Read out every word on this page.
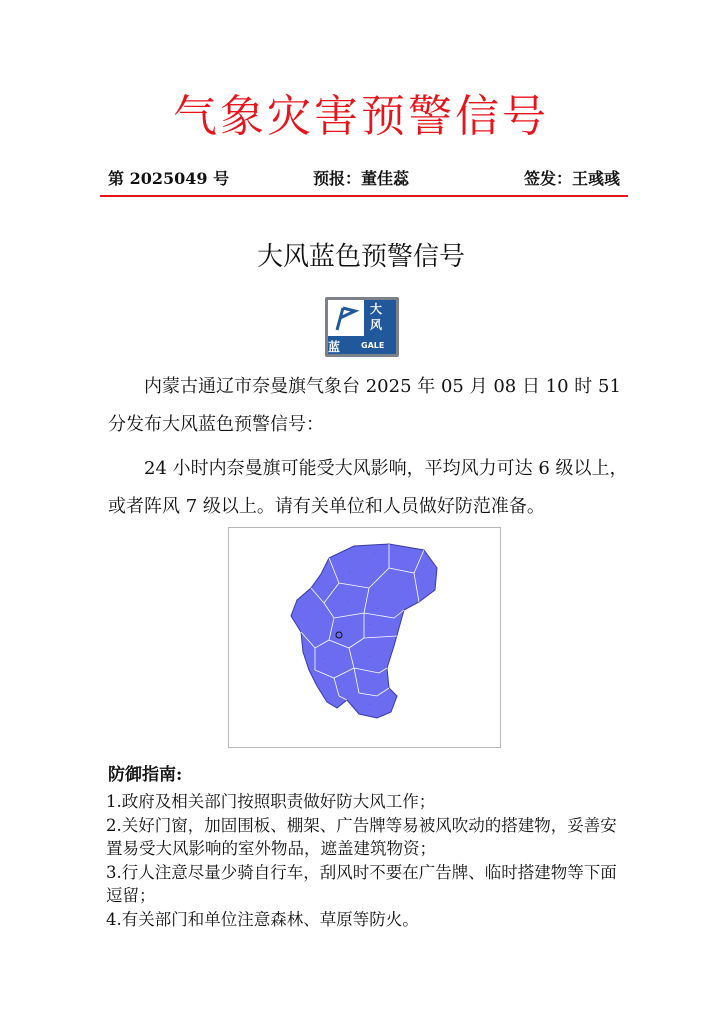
气象灾害预警信号
第 2025049 号	预报：董佳蕊	签发：王彧彧
大风蓝色预警信号
大
风
蓝	GALE
内蒙古通辽市奈曼旗气象台 2025 年 05 月 08 日 10 时 51 分发布大风蓝色预警信号：
24 小时内奈曼旗可能受大风影响，平均风力可达 6 级以上，或者阵风 7 级以上。请有关单位和人员做好防范准备。
·
·
·
·
·
·
·
·
·	·
·
·
防御指南:
1.政府及相关部门按照职责做好防大风工作；
2.关好门窗，加固围板、棚架、广告牌等易被风吹动的搭建物，妥善安置易受大风影响的室外物品，遮盖建筑物资；
3.行人注意尽量少骑自行车，刮风时不要在广告牌、临时搭建物等下面逗留；
4.有关部门和单位注意森林、草原等防火。
